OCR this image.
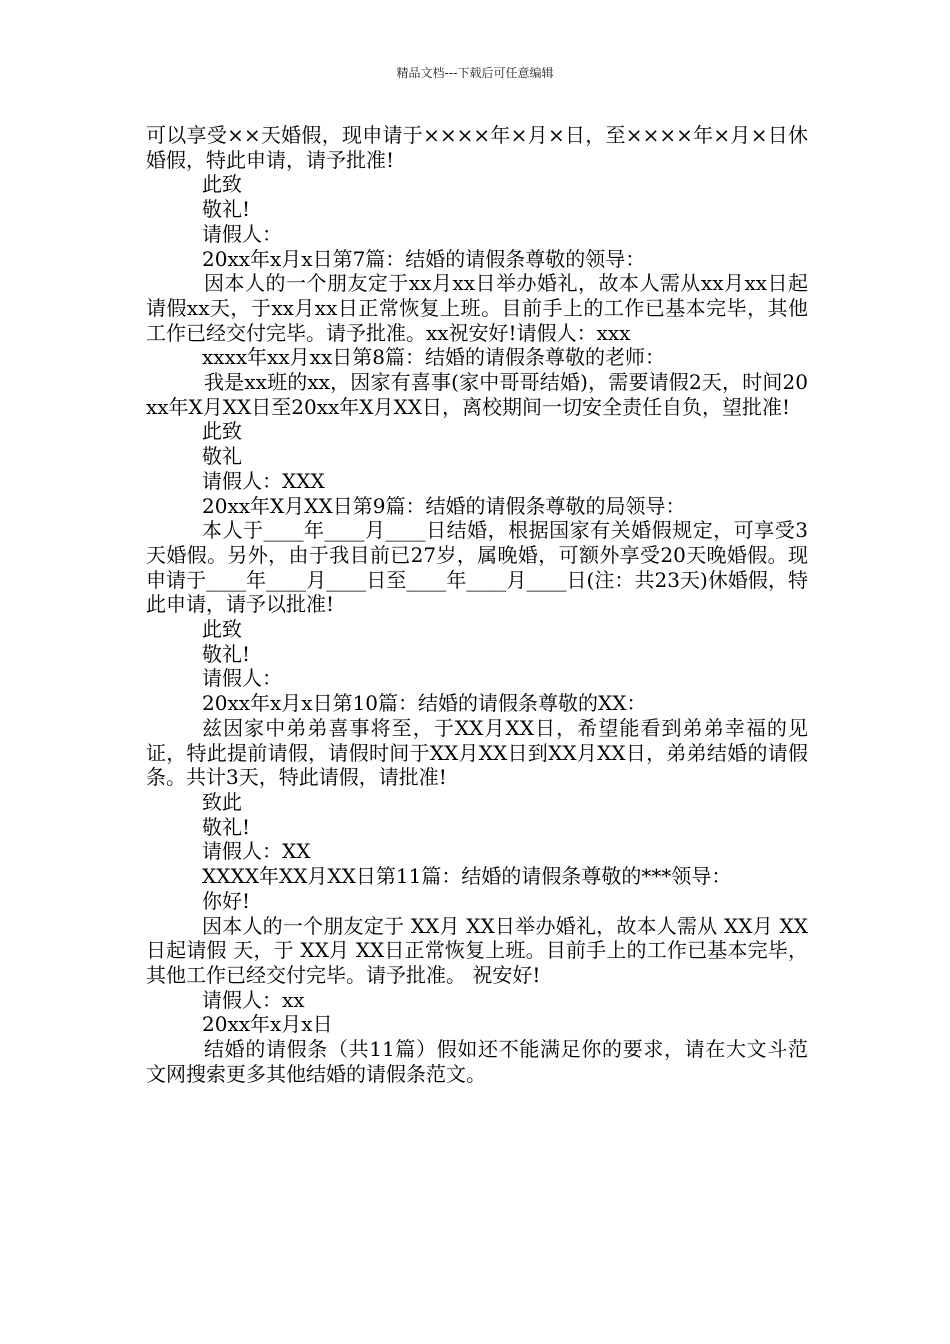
精品文档---下载后可任意编辑

可以享受××天婚假，现申请于××××年×月×日，至××××年×月×日休婚假，特此申请，请予批准!

此致

敬礼!

请假人：

20xx年x月x日第7篇：结婚的请假条尊敬的领导：

因本人的一个朋友定于xx月xx日举办婚礼，故本人需从xx月xx日起请假xx天，于xx月xx日正常恢复上班。目前手上的工作已基本完毕，其他工作已经交付完毕。请予批准。xx祝安好!请假人：xxx

xxxx年xx月xx日第8篇：结婚的请假条尊敬的老师：

我是xx班的xx，因家有喜事(家中哥哥结婚)，需要请假2天，时间20xx年X月XX日至20xx年X月XX日，离校期间一切安全责任自负，望批准!

此致

敬礼

请假人：XXX

20xx年X月XX日第9篇：结婚的请假条尊敬的局领导：

本人于____年____月____日结婚，根据国家有关婚假规定，可享受3天婚假。另外，由于我目前已27岁，属晚婚，可额外享受20天晚婚假。现申请于____年____月____日至____年____月____日(注：共23天)休婚假，特此申请，请予以批准!

此致

敬礼!

请假人：

20xx年x月x日第10篇：结婚的请假条尊敬的XX：

兹因家中弟弟喜事将至，于XX月XX日，希望能看到弟弟幸福的见证，特此提前请假，请假时间于XX月XX日到XX月XX日，弟弟结婚的请假条。共计3天，特此请假，请批准!

致此

敬礼!

请假人：XX

XXXX年XX月XX日第11篇：结婚的请假条尊敬的***领导：

你好!

因本人的一个朋友定于 XX月 XX日举办婚礼，故本人需从 XX月 XX日起请假 天，于 XX月 XX日正常恢复上班。目前手上的工作已基本完毕，其他工作已经交付完毕。请予批准。 祝安好!

请假人：xx

20xx年x月x日

结婚的请假条（共11篇）假如还不能满足你的要求，请在大文斗范文网搜索更多其他结婚的请假条范文。
